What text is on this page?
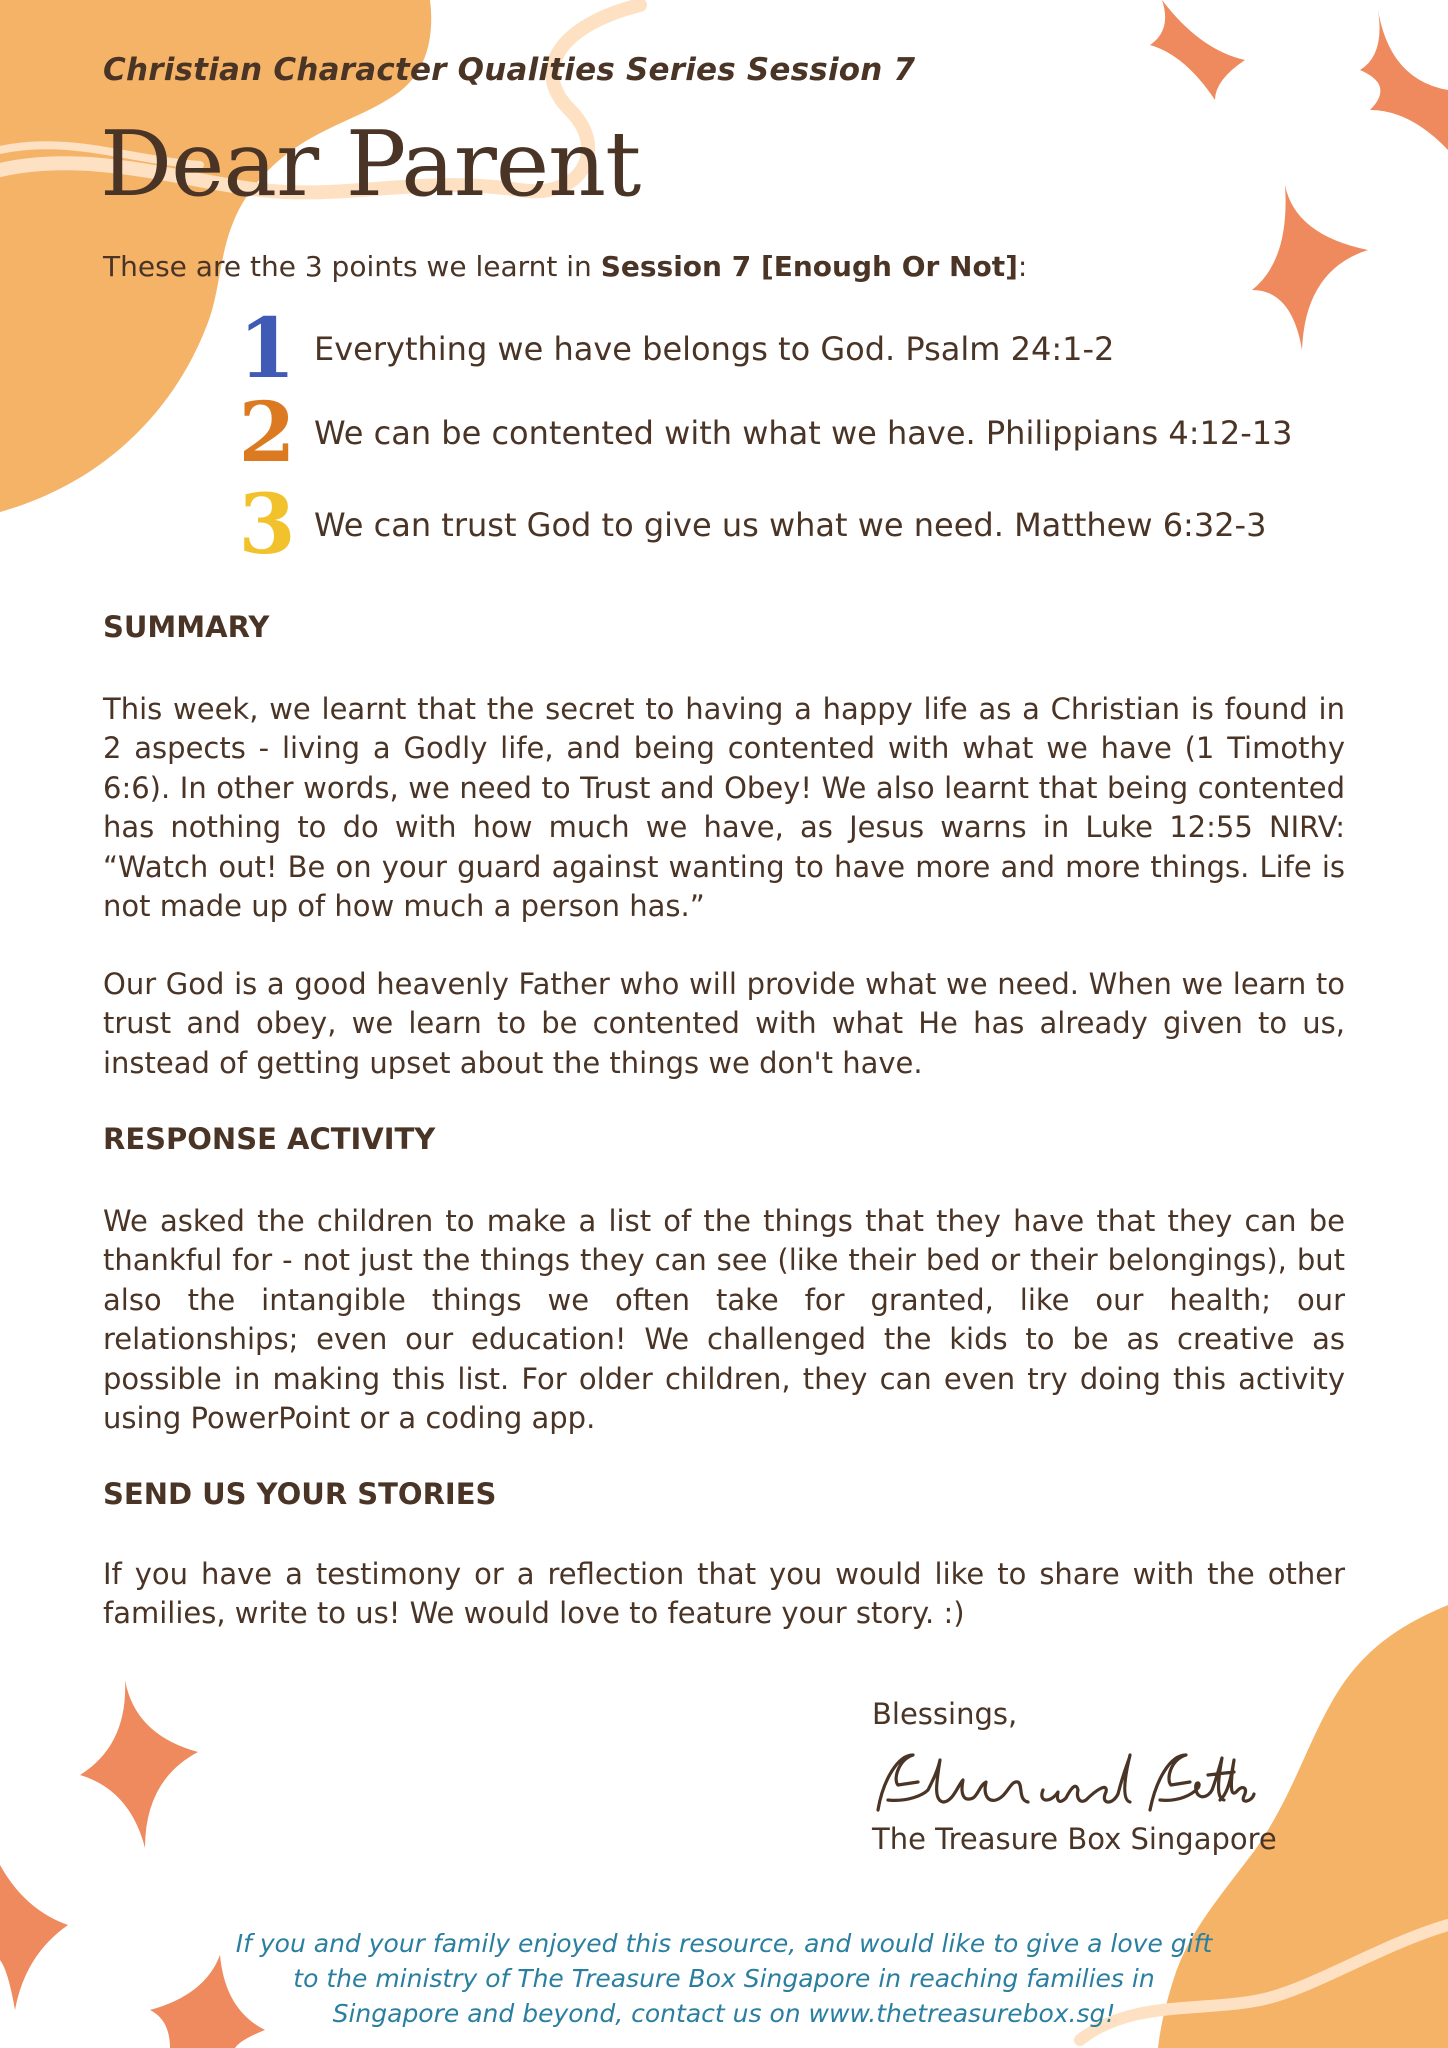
Christian Character Qualities Series Session 7
Dear Parent
These are the 3 points we learnt in Session 7 [Enough Or Not]:
1 Everything we have belongs to God. Psalm 24:1-2
2 We can be contented with what we have. Philippians 4:12-13
3 We can trust God to give us what we need. Matthew 6:32-3
SUMMARY

This week, we learnt that the secret to having a happy life as a Christian is found in 2 aspects - living a Godly life, and being contented with what we have (1 Timothy 6:6). In other words, we need to Trust and Obey! We also learnt that being contented has nothing to do with how much we have, as Jesus warns in Luke 12:55 NIRV: “Watch out! Be on your guard against wanting to have more and more things. Life is not made up of how much a person has.”

Our God is a good heavenly Father who will provide what we need. When we learn to trust and obey, we learn to be contented with what He has already given to us, instead of getting upset about the things we don't have.

RESPONSE ACTIVITY

We asked the children to make a list of the things that they have that they can be thankful for - not just the things they can see (like their bed or their belongings), but also the intangible things we often take for granted, like our health; our relationships; even our education! We challenged the kids to be as creative as possible in making this list. For older children, they can even try doing this activity using PowerPoint or a coding app.

SEND US YOUR STORIES

If you have a testimony or a reflection that you would like to share with the other families, write to us! We would love to feature your story. :)

Blessings,
The Treasure Box Singapore
If you and your family enjoyed this resource, and would like to give a love gift
to the ministry of The Treasure Box Singapore in reaching families in
Singapore and beyond, contact us on www.thetreasurebox.sg!
